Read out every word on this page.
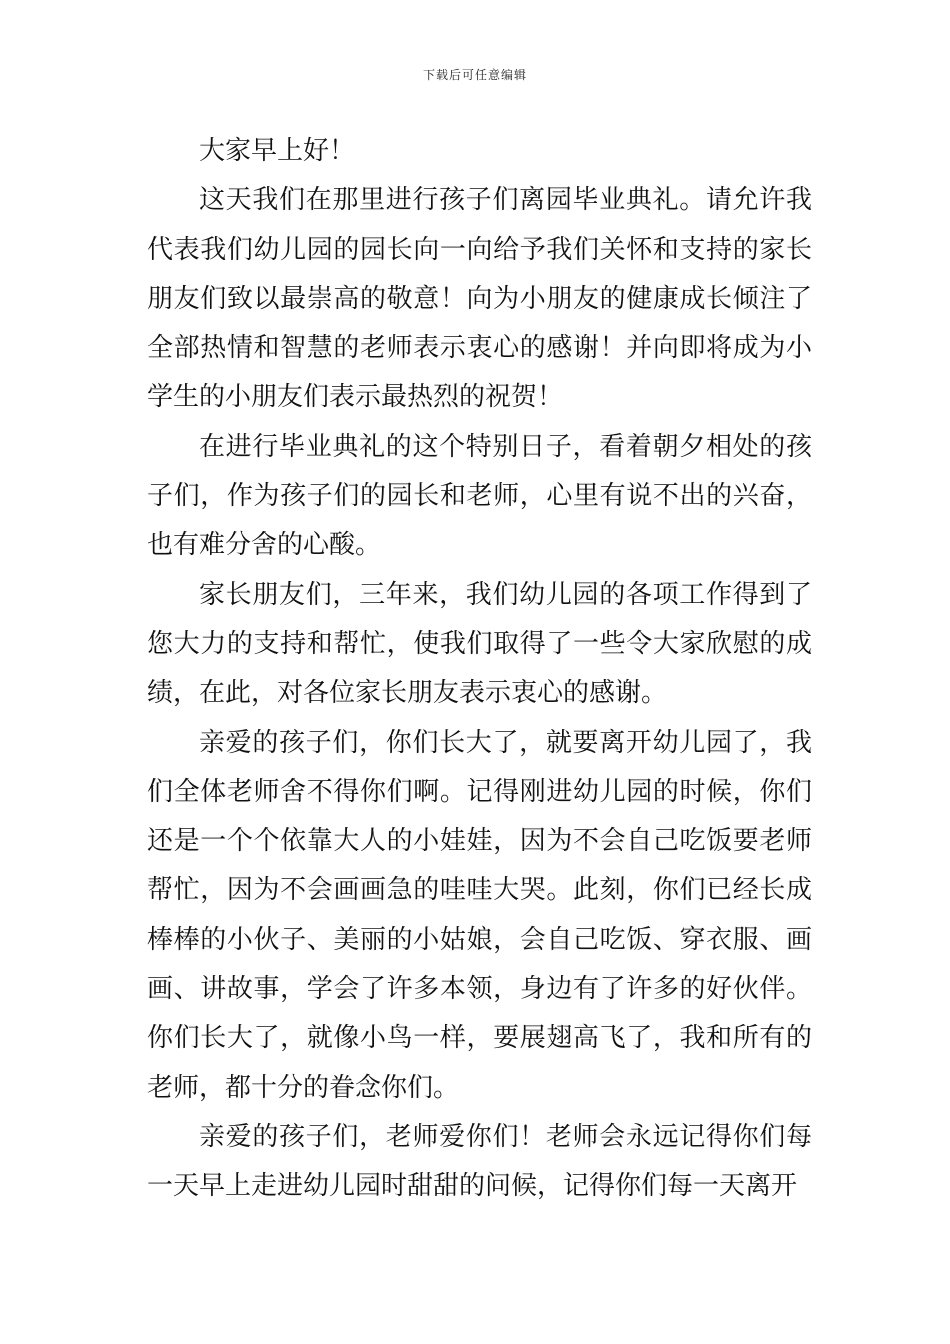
下载后可任意编辑

大家早上好！

这天我们在那里进行孩子们离园毕业典礼。请允许我代表我们幼儿园的园长向一向给予我们关怀和支持的家长朋友们致以最崇高的敬意！向为小朋友的健康成长倾注了全部热情和智慧的老师表示衷心的感谢！并向即将成为小学生的小朋友们表示最热烈的祝贺！

在进行毕业典礼的这个特别日子，看着朝夕相处的孩子们，作为孩子们的园长和老师，心里有说不出的兴奋，也有难分舍的心酸。

家长朋友们，三年来，我们幼儿园的各项工作得到了您大力的支持和帮忙，使我们取得了一些令大家欣慰的成绩，在此，对各位家长朋友表示衷心的感谢。

亲爱的孩子们，你们长大了，就要离开幼儿园了，我们全体老师舍不得你们啊。记得刚进幼儿园的时候，你们还是一个个依靠大人的小娃娃，因为不会自己吃饭要老师帮忙，因为不会画画急的哇哇大哭。此刻，你们已经长成棒棒的小伙子、美丽的小姑娘，会自己吃饭、穿衣服、画画、讲故事，学会了许多本领，身边有了许多的好伙伴。你们长大了，就像小鸟一样，要展翅高飞了，我和所有的老师，都十分的眷念你们。

亲爱的孩子们，老师爱你们！老师会永远记得你们每一天早上走进幼儿园时甜甜的问候，记得你们每一天离开
